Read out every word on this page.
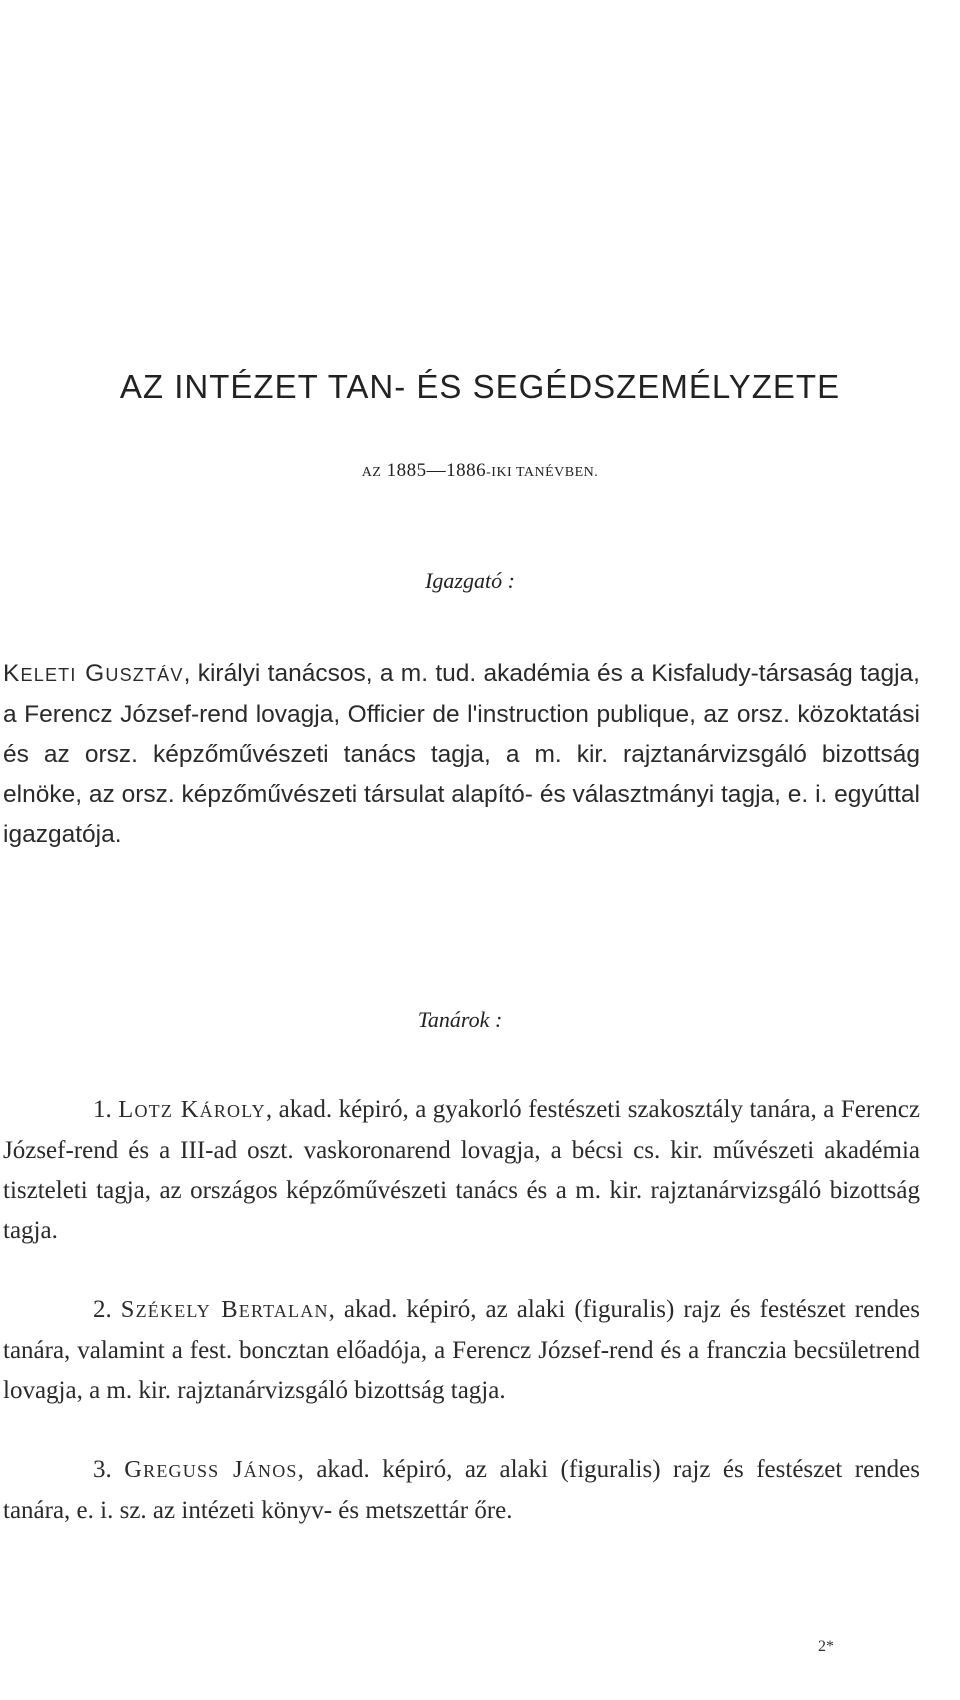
AZ INTÉZET TAN- ÉS SEGÉDSZEMÉLYZETE
AZ 1885—1886-IKI TANÉVBEN.
Igazgató :

KELETI GUSZTÁV, királyi tanácsos, a m. tud. akadémia és a Kisfaludy-társaság tagja, a Ferencz József-rend lovagja, Officier de l'instruction publique, az orsz. közoktatási és az orsz. képzőművészeti tanács tagja, a m. kir. rajztanárvizsgáló bizottság elnöke, az orsz. képzőművészeti társulat alapító- és választmányi tagja, e. i. egyúttal igazgatója.

Tanárok :

1. LOTZ KÁROLY, akad. képiró, a gyakorló festészeti szakosztály tanára, a Ferencz József-rend és a III-ad oszt. vaskoronarend lovagja, a bécsi cs. kir. művészeti akadémia tiszteleti tagja, az országos képzőművészeti tanács és a m. kir. rajztanárvizsgáló bizottság tagja.

2. SZÉKELY BERTALAN, akad. képiró, az alaki (figuralis) rajz és festészet rendes tanára, valamint a fest. boncztan előadója, a Ferencz József-rend és a franczia becsületrend lovagja, a m. kir. rajztanárvizsgáló bizottság tagja.

3. GREGUSS JÁNOS, akad. képiró, az alaki (figuralis) rajz és festészet rendes tanára, e. i. sz. az intézeti könyv- és metszettár őre.

2*
